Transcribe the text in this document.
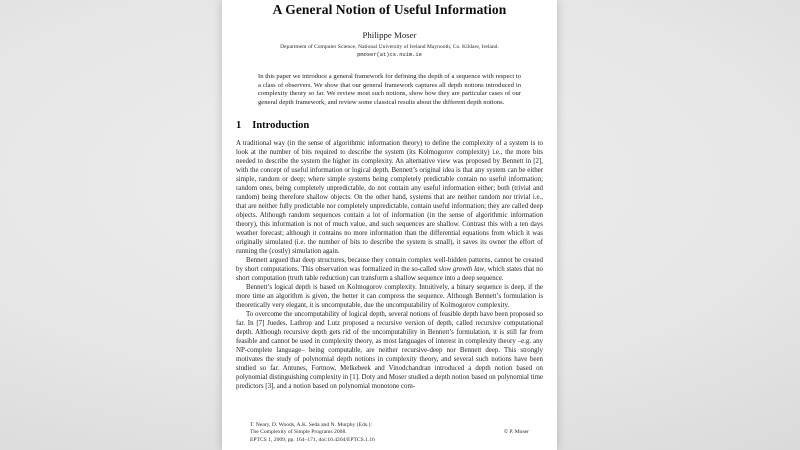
A General Notion of Useful Information
Philippe Moser
Department of Computer Science, National University of Ireland Maynooth, Co. Kildare, Ireland.
pmoser(at)cs.nuim.ie
In this paper we introduce a general framework for defining the depth of a sequence with respect to a class of observers. We show that our general framework captures all depth notions introduced in complexity theory so far. We review most such notions, show how they are particular cases of our general depth framework, and review some classical results about the different depth notions.
1 Introduction

A traditional way (in the sense of algorithmic information theory) to define the complexity of a system is to look at the number of bits required to describe the system (its Kolmogorov complexity) i.e., the more bits needed to describe the system the higher its complexity. An alternative view was proposed by Bennett in [2], with the concept of useful information or logical depth. Bennett’s original idea is that any system can be either simple, random or deep; where simple systems being completely predictable contain no useful information; random ones, being completely unpredictable, do not contain any useful information either; both (trivial and random) being therefore shallow objects. On the other hand, systems that are neither random nor trivial i.e., that are neither fully predictable nor completely unpredictable, contain useful information; they are called deep objects. Although random sequences contain a lot of information (in the sense of algorithmic information theory), this information is not of much value, and such sequences are shallow. Contrast this with a ten days weather forecast; although it contains no more information than the differential equations from which it was originally simulated (i.e. the number of bits to describe the system is small), it saves its owner the effort of running the (costly) simulation again.

Bennett argued that deep structures, because they contain complex well-hidden patterns, cannot be created by short computations. This observation was formalized in the so-called slow growth law, which states that no short computation (truth table reduction) can transform a shallow sequence into a deep sequence.

Bennett’s logical depth is based on Kolmogorov complexity. Intuitively, a binary sequence is deep, if the more time an algorithm is given, the better it can compress the sequence. Although Bennett’s formulation is theoretically very elegant, it is uncomputable, due the uncomputability of Kolmogorov complexity.

To overcome the uncomputability of logical depth, several notions of feasible depth have been proposed so far. In [7] Juedes, Lathrop and Lutz proposed a recursive version of depth, called recursive computational depth. Although recursive depth gets rid of the uncomputability in Bennett’s formulation, it is still far from feasible and cannot be used in complexity theory, as most languages of interest in complexity theory –e.g. any NP-complete language– being computable, are neither recursive-deep nor Bennett deep. This strongly motivates the study of polynomial depth notions in complexity theory, and several such notions have been studied so far. Antunes, Fortnow, Melkebeek and Vinodchandran introduced a depth notion based on polynomial distinguishing complexity in [1]. Doty and Moser studied a depth notion based on polynomial time predictors [3], and a notion based on polynomial monotone com-

T. Neary, D. Woods, A.K. Seda and N. Murphy (Eds.):
The Complexity of Simple Programs 2008.
EPTCS 1, 2009, pp. 164–171, doi:10.4204/EPTCS.1.16
© P. Moser
